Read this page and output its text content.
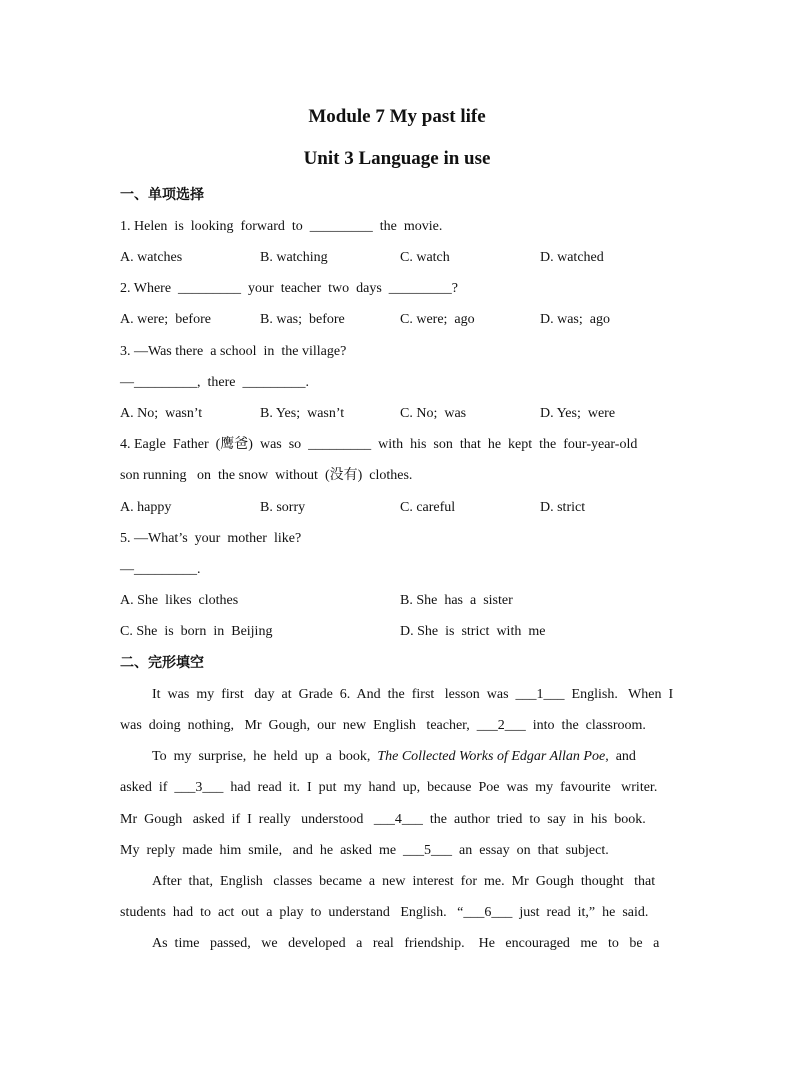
Module 7 My past life
Unit 3 Language in use
一、单项选择
1. Helen  is  looking  forward  to  _________  the  movie.
A. watches	B. watching	C. watch	D. watched
2. Where  _________  your  teacher  two  days  _________?
A. were;  before	B. was;  before	C. were;  ago	D. was;  ago
3. —Was there  a school  in  the village?
—_________,  there  _________.
A. No;  wasn’t	B. Yes;  wasn’t	C. No;  was	D. Yes;  were
4. Eagle  Father  (鹰爸)  was  so  _________  with  his  son  that  he  kept  the  four-year-old
son running   on  the snow  without  (没有)  clothes.
A. happy	B. sorry	C. careful	D. strict
5. —What’s  your  mother  like?
—_________.
A. She  likes  clothes	B. She  has  a  sister
C. She  is  born  in  Beijing	D. She  is  strict  with  me
二、完形填空
It  was  my  first   day  at  Grade  6.  And  the  first   lesson  was  ___1___  English.   When  I
was  doing  nothing,   Mr  Gough,  our  new  English   teacher,  ___2___  into  the  classroom.
To  my  surprise,  he  held  up  a  book,  The Collected Works of Edgar Allan Poe,  and
asked  if  ___3___  had  read  it.  I  put  my  hand  up,  because  Poe  was  my  favourite   writer.
Mr  Gough   asked  if  I  really   understood   ___4___  the  author  tried  to  say  in  his  book.
My  reply  made  him  smile,   and  he  asked  me  ___5___  an  essay  on  that  subject.
After  that,  English   classes  became  a  new  interest  for  me.  Mr  Gough  thought   that
students  had  to  act  out  a  play  to  understand   English.   “___6___  just  read  it,”  he  said.
As  time   passed,   we   developed   a   real   friendship.    He   encouraged   me   to   be   a
